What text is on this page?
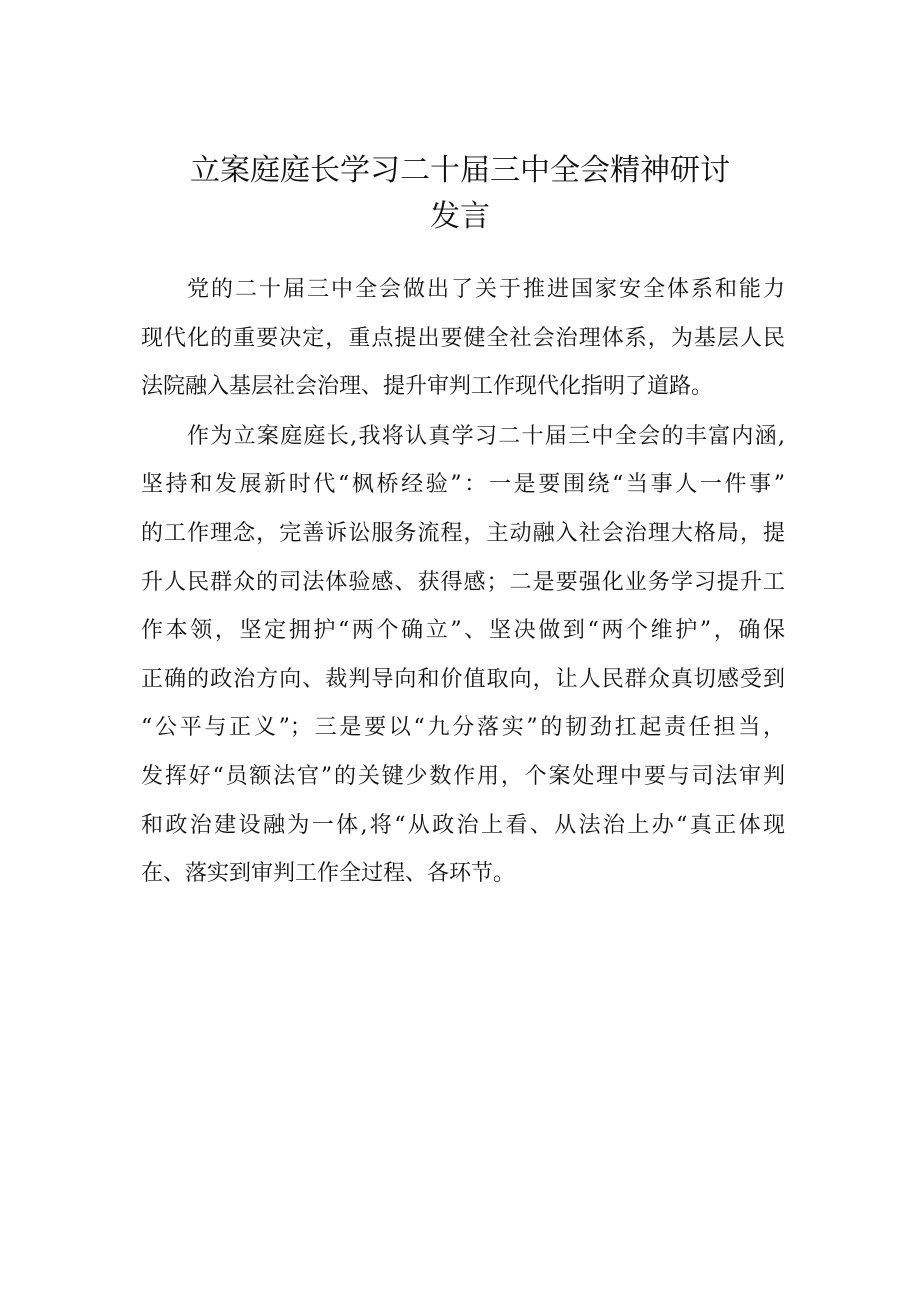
立案庭庭长学习二十届三中全会精神研讨
发言
党的二十届三中全会做出了关于推进国家安全体系和能力
现代化的重要决定，重点提出要健全社会治理体系，为基层人民
法院融入基层社会治理、提升审判工作现代化指明了道路。
作为立案庭庭长,我将认真学习二十届三中全会的丰富内涵,
坚持和发展新时代“枫桥经验”：一是要围绕“当事人一件事”
的工作理念，完善诉讼服务流程，主动融入社会治理大格局，提
升人民群众的司法体验感、获得感；二是要强化业务学习提升工
作本领，坚定拥护“两个确立”、坚决做到“两个维护”，确保
正确的政治方向、裁判导向和价值取向，让人民群众真切感受到
“公平与正义”；三是要以“九分落实”的韧劲扛起责任担当，
发挥好“员额法官”的关键少数作用，个案处理中要与司法审判
和政治建设融为一体,将“从政治上看、从法治上办“真正体现
在、落实到审判工作全过程、各环节。
